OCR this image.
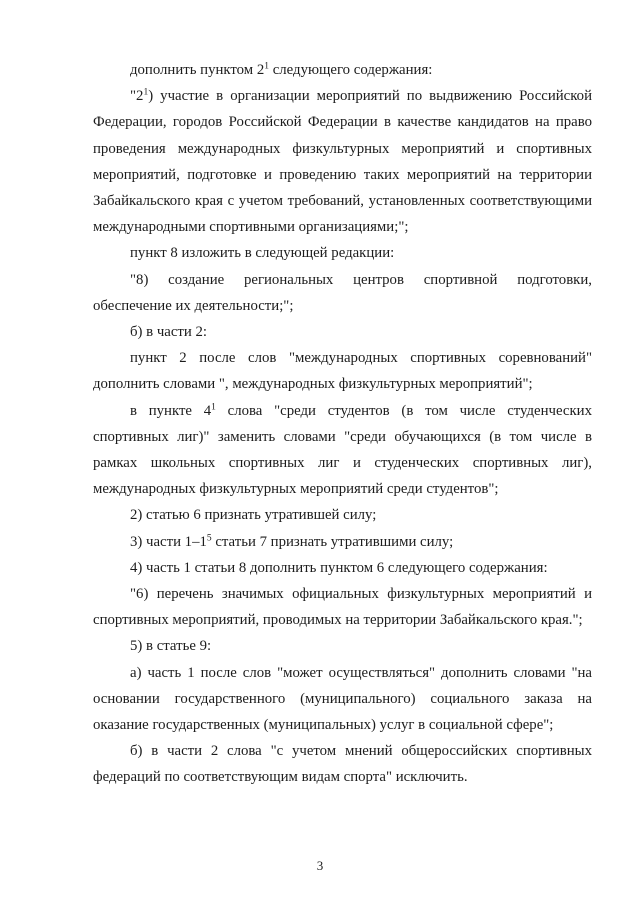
дополнить пунктом $2^1$ следующего содержания:

"$2^1$) участие в организации мероприятий по выдвижению Российской Федерации, городов Российской Федерации в качестве кандидатов на право проведения международных физкультурных мероприятий и спортивных мероприятий, подготовке и проведению таких мероприятий на территории Забайкальского края с учетом требований, установленных соответствующими международными спортивными организациями;";

пункт 8 изложить в следующей редакции:

"8) создание региональных центров спортивной подготовки, обеспечение их деятельности;";

б) в части 2:

пункт 2 после слов "международных спортивных соревнований" дополнить словами ", международных физкультурных мероприятий";

в пункте $4^1$ слова "среди студентов (в том числе студенческих спортивных лиг)" заменить словами "среди обучающихся (в том числе в рамках школьных спортивных лиг и студенческих спортивных лиг), международных физкультурных мероприятий среди студентов";

2) статью 6 признать утратившей силу;

3) части $1-1^5$ статьи 7 признать утратившими силу;

4) часть 1 статьи 8 дополнить пунктом 6 следующего содержания:

"6) перечень значимых официальных физкультурных мероприятий и спортивных мероприятий, проводимых на территории Забайкальского края.";

5) в статье 9:

а) часть 1 после слов "может осуществляться" дополнить словами "на основании государственного (муниципального) социального заказа на оказание государственных (муниципальных) услуг в социальной сфере";

б) в части 2 слова "с учетом мнений общероссийских спортивных федераций по соответствующим видам спорта" исключить.

3
